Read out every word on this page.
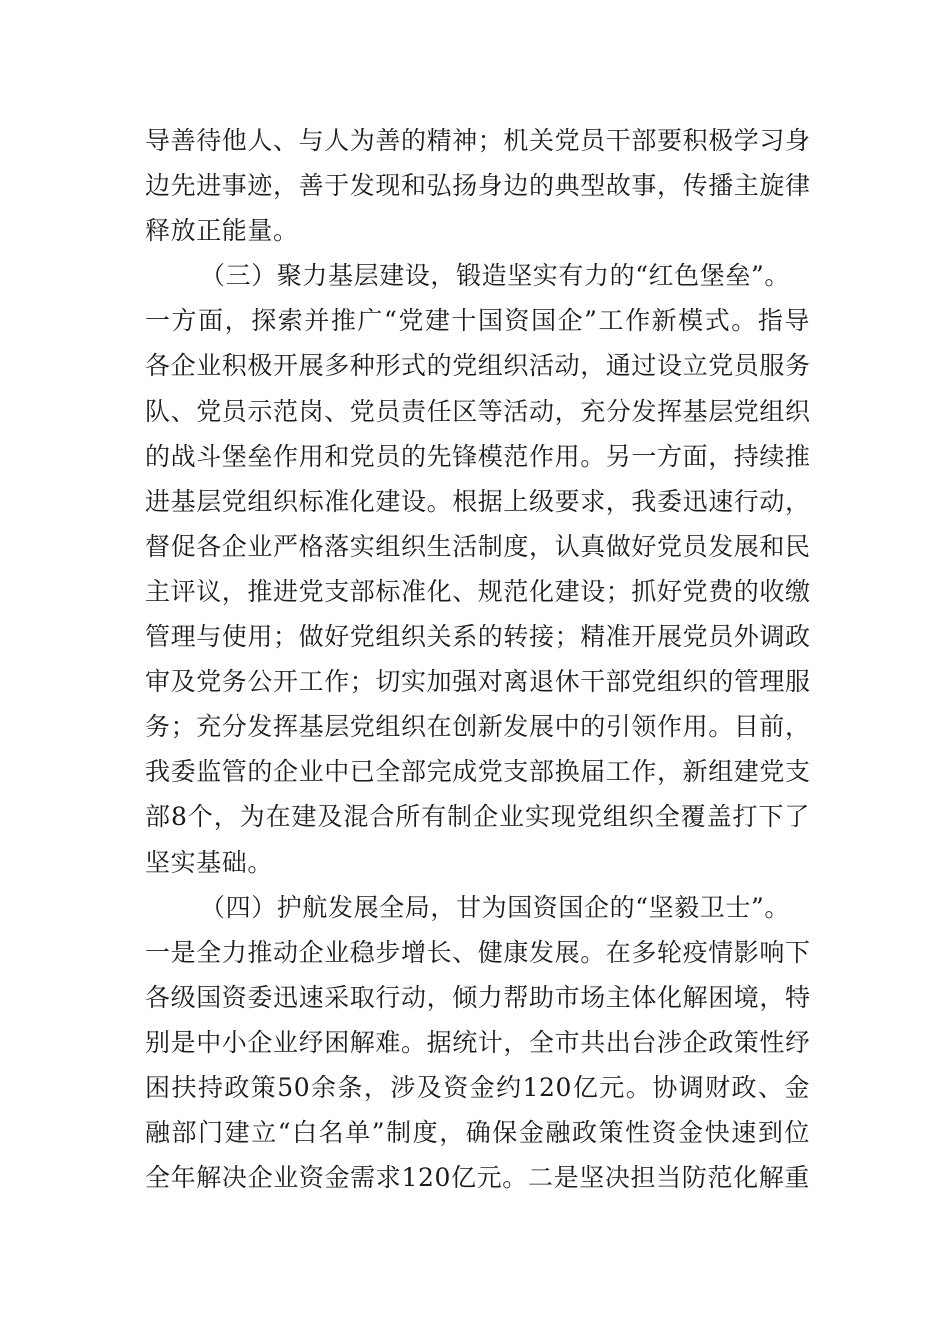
导善待他人、与人为善的精神；机关党员干部要积极学习身
边先进事迹，善于发现和弘扬身边的典型故事，传播主旋律
释放正能量。
（三）聚力基层建设，锻造坚实有力的“红色堡垒”。
一方面，探索并推广“党建十国资国企”工作新模式。指导
各企业积极开展多种形式的党组织活动，通过设立党员服务
队、党员示范岗、党员责任区等活动，充分发挥基层党组织
的战斗堡垒作用和党员的先锋模范作用。另一方面，持续推
进基层党组织标准化建设。根据上级要求，我委迅速行动，
督促各企业严格落实组织生活制度，认真做好党员发展和民
主评议，推进党支部标准化、规范化建设；抓好党费的收缴
管理与使用；做好党组织关系的转接；精准开展党员外调政
审及党务公开工作；切实加强对离退休干部党组织的管理服
务；充分发挥基层党组织在创新发展中的引领作用。目前，
我委监管的企业中已全部完成党支部换届工作，新组建党支
部8个，为在建及混合所有制企业实现党组织全覆盖打下了
坚实基础。
（四）护航发展全局，甘为国资国企的“坚毅卫士”。
一是全力推动企业稳步增长、健康发展。在多轮疫情影响下
各级国资委迅速采取行动，倾力帮助市场主体化解困境，特
别是中小企业纾困解难。据统计，全市共出台涉企政策性纾
困扶持政策50余条，涉及资金约120亿元。协调财政、金
融部门建立“白名单”制度，确保金融政策性资金快速到位
全年解决企业资金需求120亿元。二是坚决担当防范化解重
